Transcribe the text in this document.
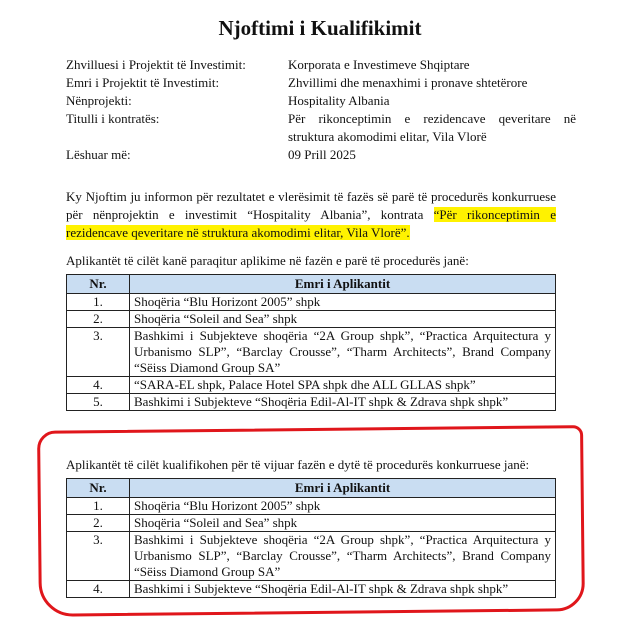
Njoftimi i Kualifikimit
Zhvilluesi i Projektit të Investimit:	Korporata e Investimeve Shqiptare
Emri i Projektit të Investimit:	Zhvillimi dhe menaxhimi i pronave shtetërore
Nënprojekti:	Hospitality Albania
Titulli i kontratës:	Për rikonceptimin e rezidencave qeveritare në struktura akomodimi elitar, Vila Vlorë
Lëshuar më:	09 Prill 2025
Ky Njoftim ju informon për rezultatet e vlerësimit të fazës së parë të procedurës konkurruese për nënprojektin e investimit “Hospitality Albania”, kontrata “Për rikonceptimin e rezidencave qeveritare në struktura akomodimi elitar, Vila Vlorë”.
Aplikantët të cilët kanë paraqitur aplikime në fazën e parë të procedurës janë:
Nr.	Emri i Aplikantit
1.	Shoqëria “Blu Horizont 2005” shpk
2.	Shoqëria “Soleil and Sea” shpk
3.	Bashkimi i Subjekteve shoqëria “2A Group shpk”, “Practica Arquitectura y Urbanismo SLP”, “Barclay Crousse”, “Tharm Architects”, Brand Company “Sëiss Diamond Group SA”
4.	“SARA-EL shpk, Palace Hotel SPA shpk dhe ALL GLLAS shpk”
5.	Bashkimi i Subjekteve “Shoqëria Edil-Al-IT shpk & Zdrava shpk shpk”
Aplikantët të cilët kualifikohen për të vijuar fazën e dytë të procedurës konkurruese janë:
Nr.	Emri i Aplikantit
1.	Shoqëria “Blu Horizont 2005” shpk
2.	Shoqëria “Soleil and Sea” shpk
3.	Bashkimi i Subjekteve shoqëria “2A Group shpk”, “Practica Arquitectura y Urbanismo SLP”, “Barclay Crousse”, “Tharm Architects”, Brand Company “Sëiss Diamond Group SA”
4.	Bashkimi i Subjekteve “Shoqëria Edil-Al-IT shpk & Zdrava shpk shpk”
